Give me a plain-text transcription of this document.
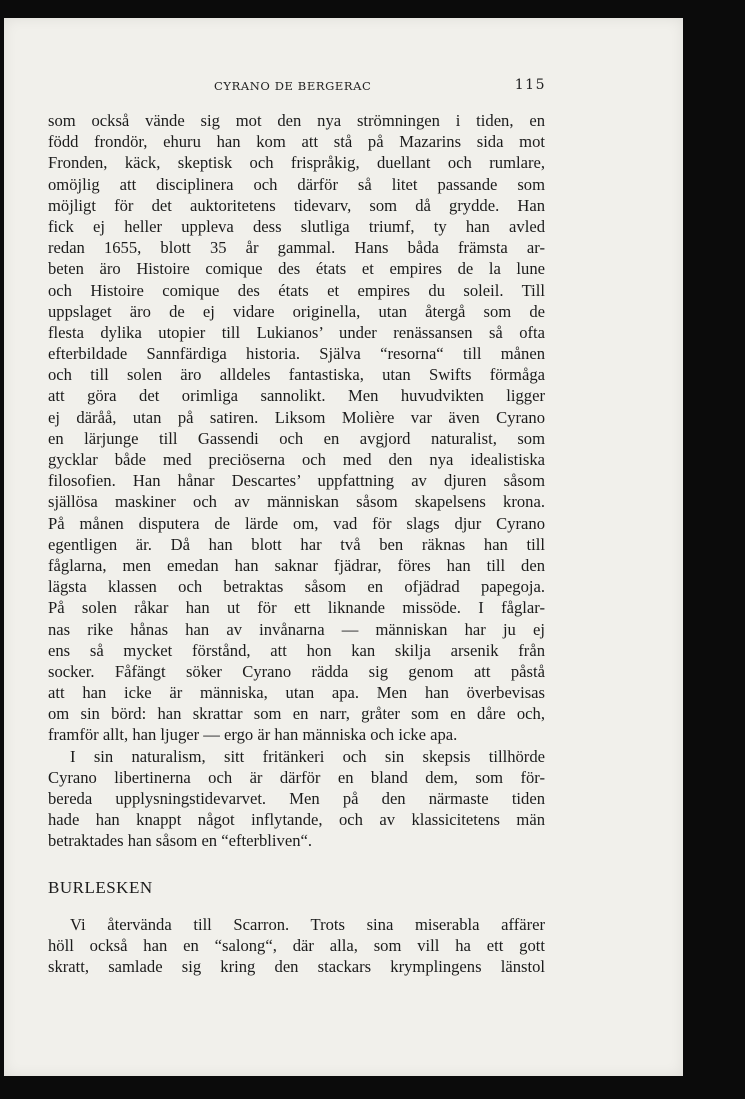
CYRANO DE BERGERAC	115
som också vände sig mot den nya strömningen i tiden, en
född frondör, ehuru han kom att stå på Mazarins sida mot
Fronden, käck, skeptisk och frispråkig, duellant och rumlare,
omöjlig att disciplinera och därför så litet passande som
möjligt för det auktoritetens tidevarv, som då grydde. Han
fick ej heller uppleva dess slutliga triumf, ty han avled
redan 1655, blott 35 år gammal. Hans båda främsta ar-
beten äro Histoire comique des états et empires de la lune
och Histoire comique des états et empires du soleil. Till
uppslaget äro de ej vidare originella, utan återgå som de
flesta dylika utopier till Lukianos’ under renässansen så ofta
efterbildade Sannfärdiga historia. Själva “resorna“ till månen
och till solen äro alldeles fantastiska, utan Swifts förmåga
att göra det orimliga sannolikt. Men huvudvikten ligger
ej däråå, utan på satiren. Liksom Molière var även Cyrano
en lärjunge till Gassendi och en avgjord naturalist, som
gycklar både med preciöserna och med den nya idealistiska
filosofien. Han hånar Descartes’ uppfattning av djuren såsom
själlösa maskiner och av människan såsom skapelsens krona.
På månen disputera de lärde om, vad för slags djur Cyrano
egentligen är. Då han blott har två ben räknas han till
fåglarna, men emedan han saknar fjädrar, föres han till den
lägsta klassen och betraktas såsom en ofjädrad papegoja.
På solen råkar han ut för ett liknande missöde. I fåglar-
nas rike hånas han av invånarna — människan har ju ej
ens så mycket förstånd, att hon kan skilja arsenik från
socker. Fåfängt söker Cyrano rädda sig genom att påstå
att han icke är människa, utan apa. Men han överbevisas
om sin börd: han skrattar som en narr, gråter som en dåre och,
framför allt, han ljuger — ergo är han människa och icke apa.
I sin naturalism, sitt fritänkeri och sin skepsis tillhörde
Cyrano libertinerna och är därför en bland dem, som för-
bereda upplysningstidevarvet. Men på den närmaste tiden
hade han knappt något inflytande, och av klassicitetens män
betraktades han såsom en “efterbliven“.
BURLESKEN
Vi återvända till Scarron. Trots sina miserabla affärer
höll också han en “salong“, där alla, som vill ha ett gott
skratt, samlade sig kring den stackars krymplingens länstol
